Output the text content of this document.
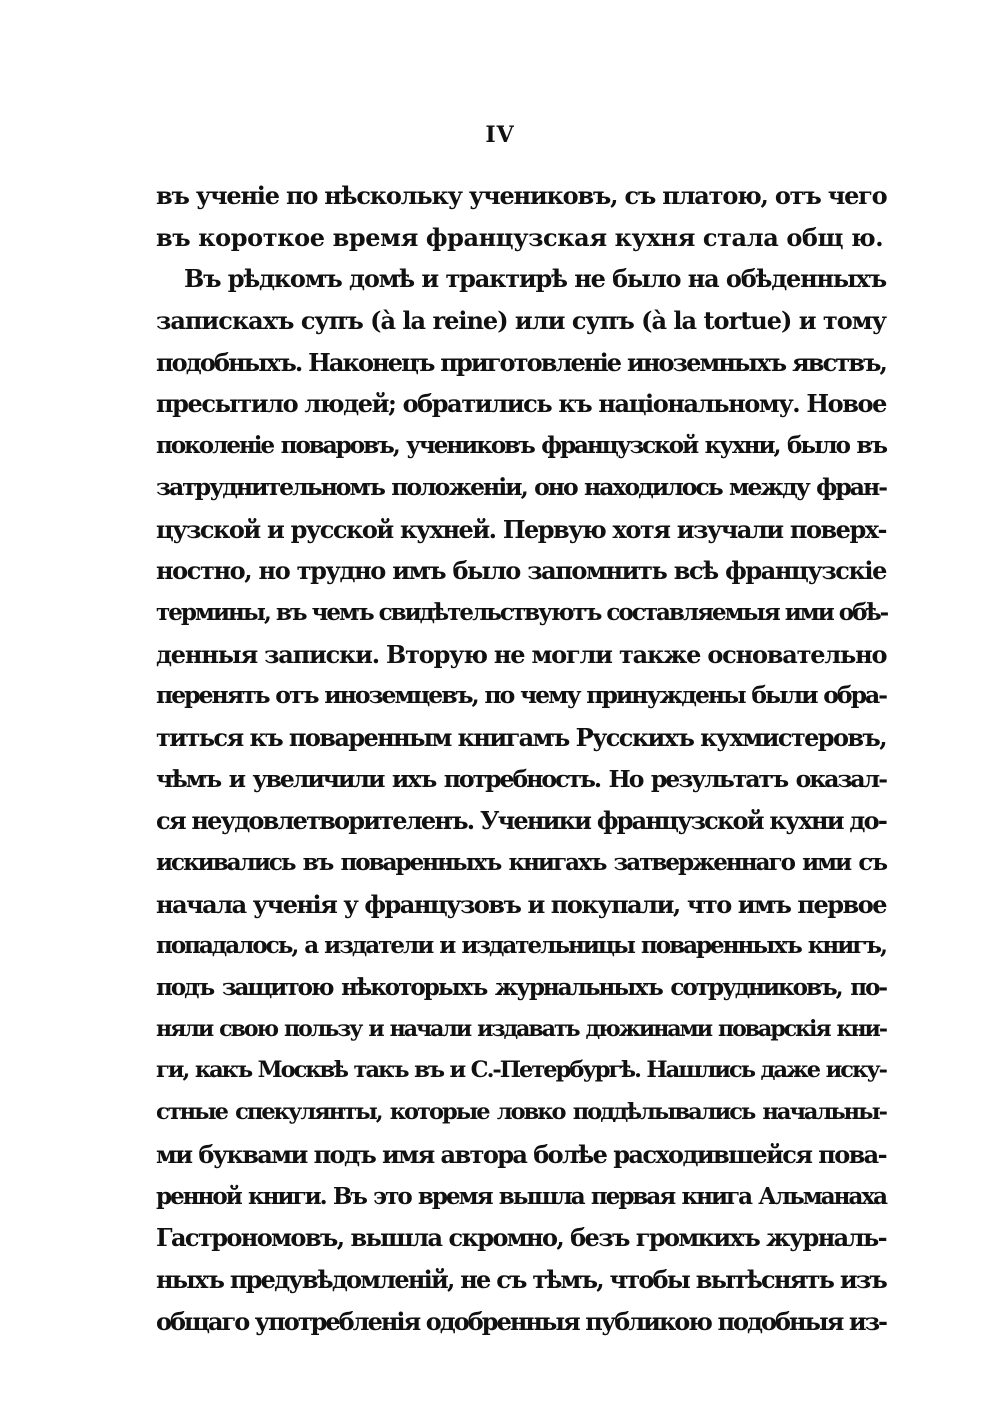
IV
въ ученіе по нѣскольку учениковъ, съ платою, отъ чего
въ короткое время французская кухня стала общ ю.
Въ рѣдкомъ домѣ и трактирѣ не было на обѣденныхъ
запискахъ супъ (à la reine) или супъ (à la tortue) и тому
подобныхъ. Наконецъ приготовленіе иноземныхъ явствъ,
пресытило людей; обратились къ національному. Новое
поколеніе поваровъ, учениковъ французской кухни, было въ
затруднительномъ положеніи, оно находилось между фран-
цузской и русской кухней. Первую хотя изучали поверх-
ностно, но трудно имъ было запомнить всѣ французскіе
термины, въ чемъ свидѣтельствуютъ составляемыя ими обѣ-
денныя записки. Вторую не могли также основательно
перенять отъ иноземцевъ, по чему принуждены были обра-
титься къ поваренным книгамъ Русскихъ кухмистеровъ,
чѣмъ и увеличили ихъ потребность. Но результатъ оказал-
ся неудовлетворителенъ. Ученики французской кухни до-
искивались въ поваренныхъ книгахъ затверженнаго ими съ
начала ученія у французовъ и покупали, что имъ первое
попадалось, а издатели и издательницы поваренныхъ книгъ,
подъ защитою нѣкоторыхъ журнальныхъ сотрудниковъ, по-
няли свою пользу и начали издавать дюжинами поварскія кни-
ги, какъ Москвѣ такъ въ и С.-Петербургѣ. Нашлись даже иску-
стные спекулянты, которые ловко поддѣлывались начальны-
ми буквами подъ имя автора болѣе расходившейся пова-
ренной книги. Въ это время вышла первая книга Альманаха
Гастрономовъ, вышла скромно, безъ громкихъ журналь-
ныхъ предувѣдомленій, не съ тѣмъ, чтобы вытѣснять изъ
общаго употребленія одобренныя публикою подобныя из-
